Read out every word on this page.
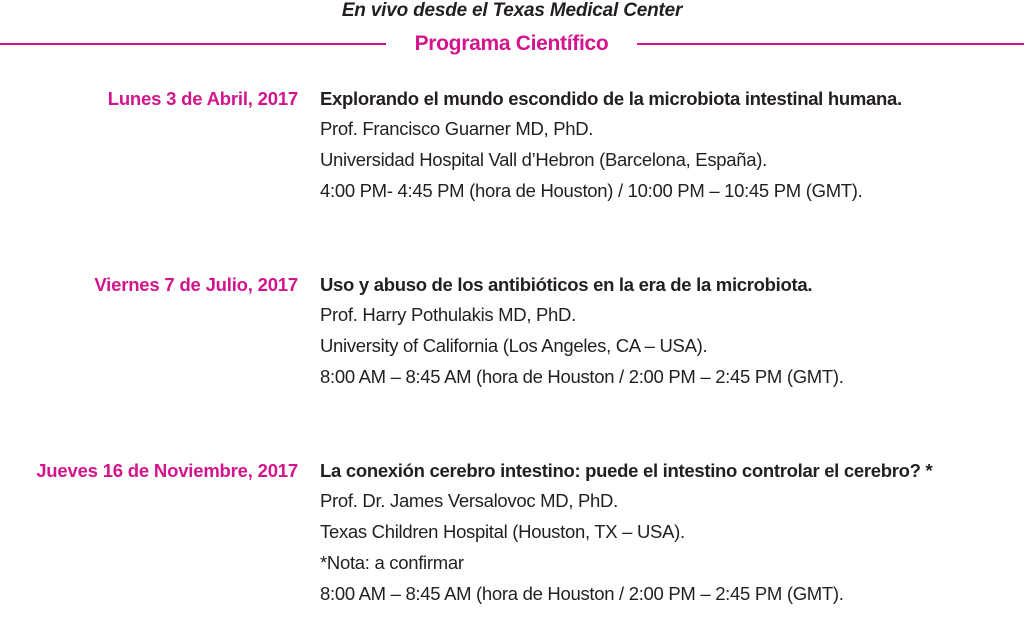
En vivo desde el Texas Medical Center
Programa Científico
Lunes 3 de Abril, 2017 Explorando el mundo escondido de la microbiota intestinal humana.
Prof. Francisco Guarner MD, PhD.
Universidad Hospital Vall d’Hebron (Barcelona, España).
4:00 PM- 4:45 PM (hora de Houston) / 10:00 PM – 10:45 PM (GMT).
Viernes 7 de Julio, 2017 Uso y abuso de los antibióticos en la era de la microbiota.
Prof. Harry Pothulakis MD, PhD.
University of California (Los Angeles, CA – USA).
8:00 AM – 8:45 AM (hora de Houston / 2:00 PM – 2:45 PM (GMT).
Jueves 16 de Noviembre, 2017 La conexión cerebro intestino: puede el intestino controlar el cerebro? *
Prof. Dr. James Versalovoc MD, PhD.
Texas Children Hospital (Houston, TX – USA).
*Nota: a confirmar
8:00 AM – 8:45 AM (hora de Houston / 2:00 PM – 2:45 PM (GMT).
